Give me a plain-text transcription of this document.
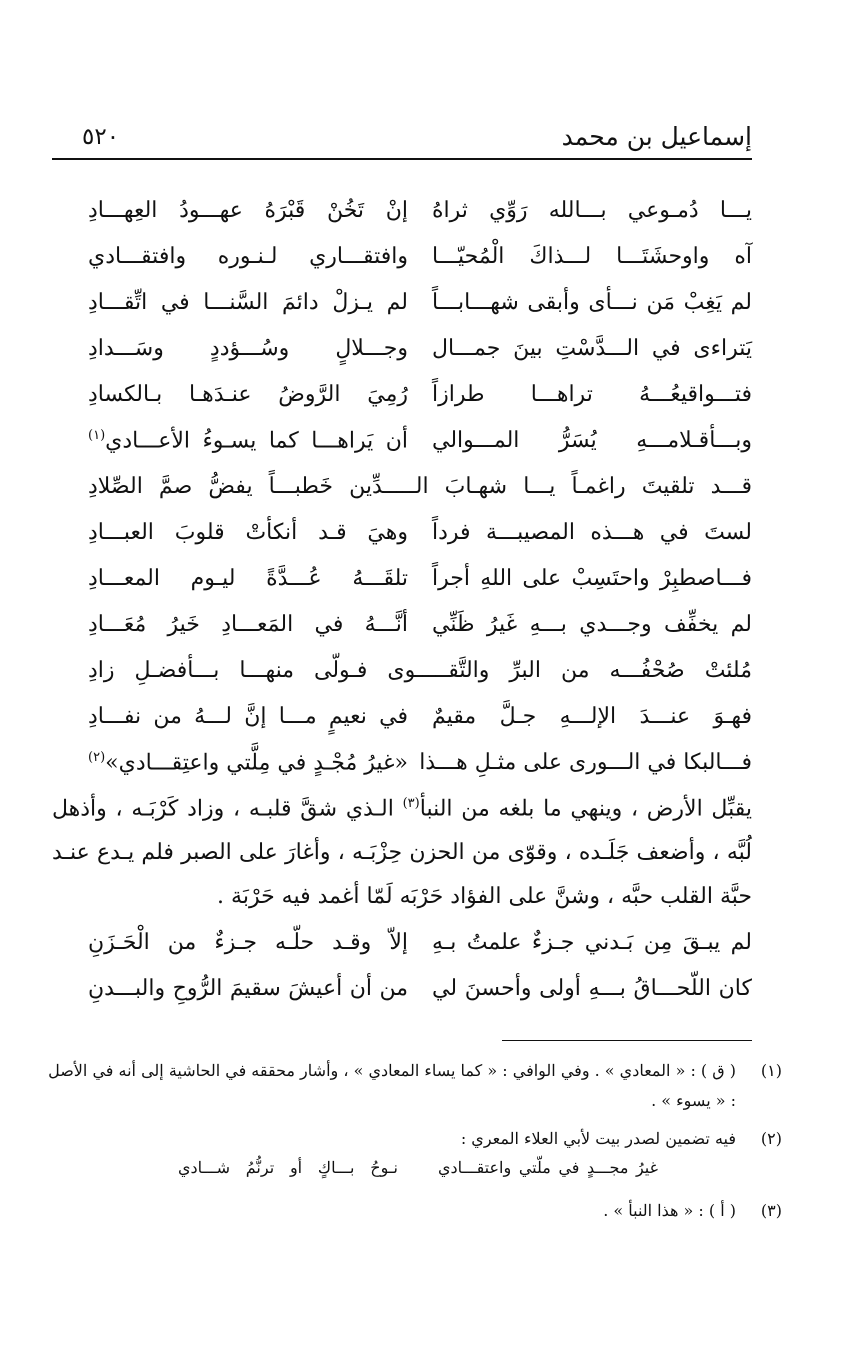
إسماعيل بن محمد
٥٢٠
يـــا دُمـوعي بـــالله رَوِّي ثراهُ
إنْ تَخُنْ قَبْرَهُ عهـــودُ العِهـــادِ
آه واوحشَتَـــا لـــذاكَ الْمُحيّـــا
وافتقـــاري لـنـوره وافتقـــادي
لم يَغِبْ مَن نـــأى وأبقى شهـــابـــاً
لم يـزلْ دائمَ السَّنـــا في اتِّقـــادِ
يَتراءى في الـــدَّسْتِ بينَ جمـــال
وجـــلالٍ وسُـــؤددٍ وسَـــدادِ
فتـــواقيعُـــهُ تراهـــا طرازاً
رُمِيَ الرَّوضُ عنـدَهـا بـالكسادِ
وبـــأقـلامـــهِ يُسَرُّ المـــوالي
أن يَراهـــا كما يسـوءُ الأعـــادي$^{(١)}$
قـــد تلقيتَ راغمـاً يـــا شهـابَ الـــــدِّين خَطبـــاً يفضُّ صمَّ الصِّلادِ
لستَ في هـــذه المصيبـــة فرداً
وهيَ قـد أنكأتْ قلوبَ العبـــادِ
فـــاصطبِرْ واحتَسِبْ على اللهِ أجراً
تلقَـــهُ عُـــدَّةً ليـوم المعـــادِ
لم يخفِّف وجـــدي بـــهِ غَيرُ ظَنِّي
أنَّـــهُ في المَعـــادِ خَيرُ مُعَـــادِ
مُلئتْ صُحْفُـــه من البرِّ والتَّقـــــوى فـولّى منهـــا بـــأفضـلِ زادِ
فهـوَ عنـــدَ الإلـــهِ جـلَّ مقيمٌ
في نعيمٍ مـــا إنَّ لـــهُ من نفـــادِ
فـــالبكا في الـــورى على مثـلِ هـــذا
«غيرُ مُجْـدٍ في مِلَّتي واعتِقـــادي»$^{(٢)}$
يقبِّل الأرض ، وينهي ما بلغه من النبأ$^{(٣)}$ الـذي شقَّ قلبـه ، وزاد كَرْبَـه ، وأذهل لُبَّه ، وأضعف جَلَـده ، وقوّى من الحزن حِزْبَـه ، وأغارَ على الصبر فلم يـدع عنـد حبَّة القلب حبَّه ، وشنَّ على الفؤاد حَرْبَه لَمّا أغمد فيه حَرْبَة .
لم يبـقَ مِن بَـدني جـزءٌ علمتُ بـهِ
إلاّ وقـد حلّـه جـزءٌ من الْحَـزَنِ
كان اللّحـــاقُ بـــهِ أولى وأحسنَ لي
من أن أعيشَ سقيمَ الرُّوحِ والبـــدنِ
(١)
( ق ) : « المعادي » . وفي الوافي : « كما يساء المعادي » ، وأشار محققه في الحاشية إلى أنه في الأصل : « يسوء » .
(٢)
فيه تضمين لصدر بيت لأبي العلاء المعري :
غيرُ مجـــدٍ في ملّتي واعتقـــادي
نـوحُ بـــاكٍ أو ترنُّمُ شـــادي
(٣)
( أ ) : « هذا النبأ » .
